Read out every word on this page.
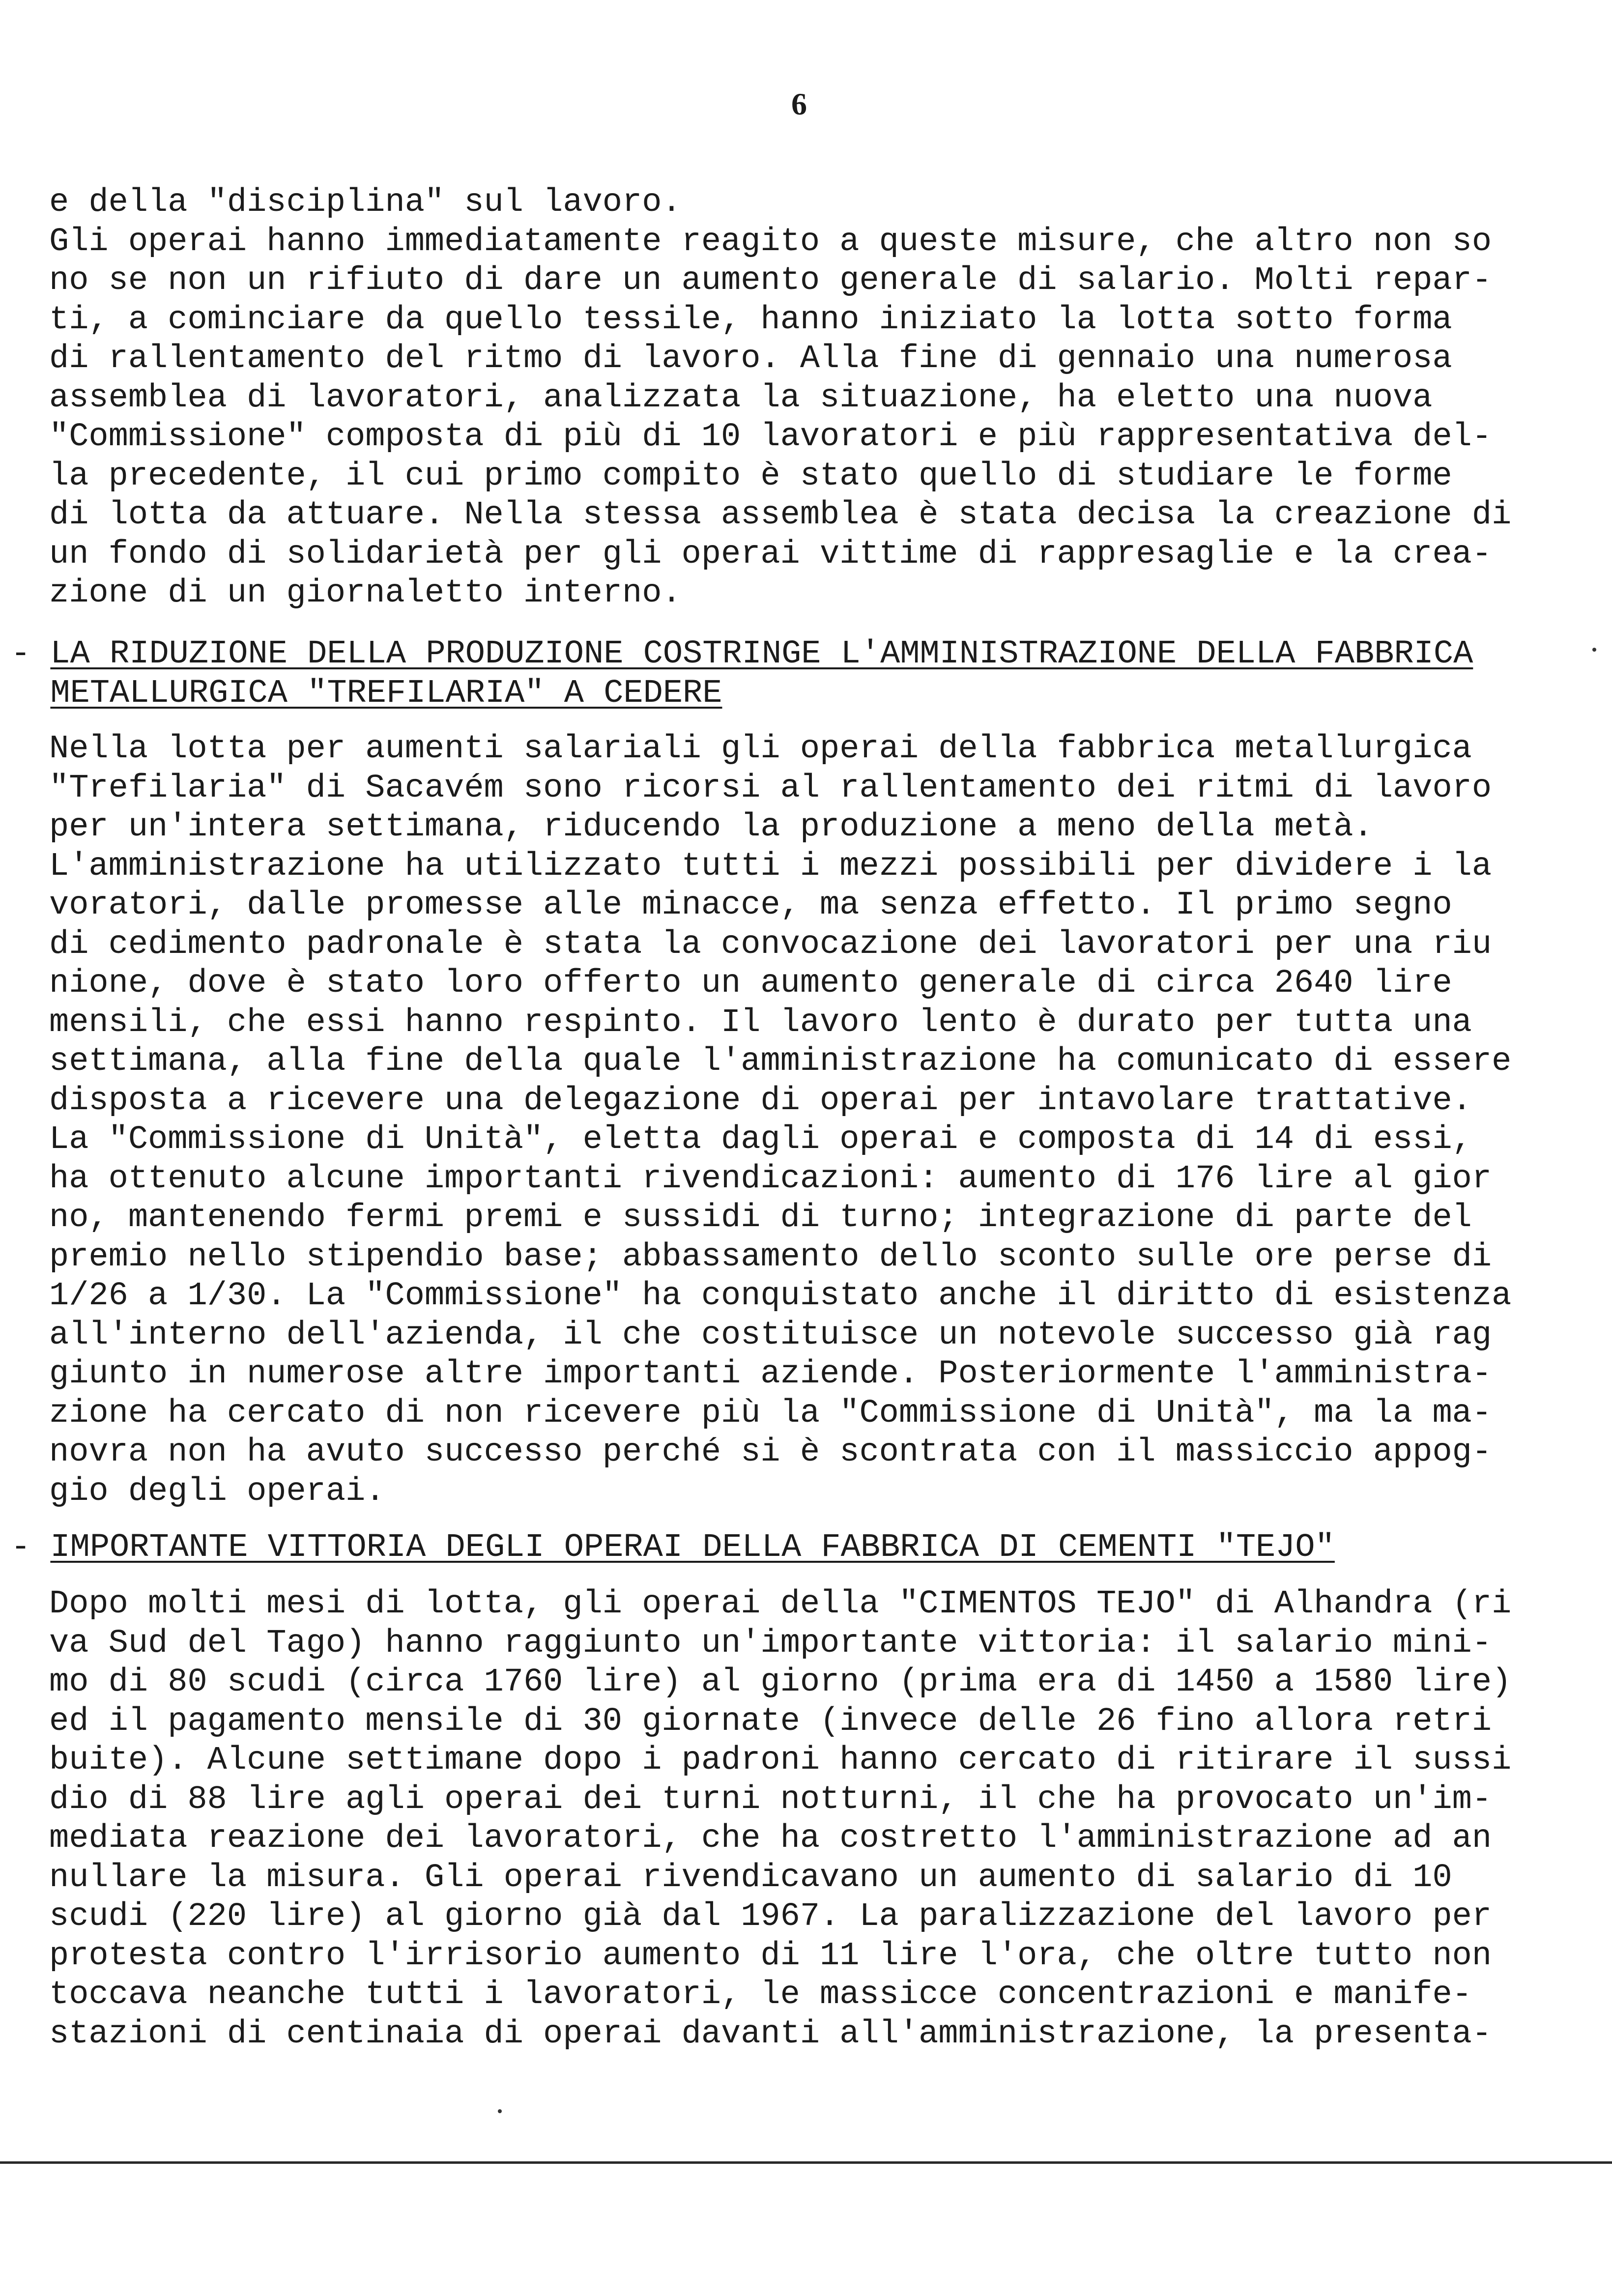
6
e della "disciplina" sul lavoro.
Gli operai hanno immediatamente reagito a queste misure, che altro non so
no se non un rifiuto di dare un aumento generale di salario. Molti repar-
ti, a cominciare da quello tessile, hanno iniziato la lotta sotto forma
di rallentamento del ritmo di lavoro. Alla fine di gennaio una numerosa
assemblea di lavoratori, analizzata la situazione, ha eletto una nuova
"Commissione" composta di più di 10 lavoratori e più rappresentativa del-
la precedente, il cui primo compito è stato quello di studiare le forme
di lotta da attuare. Nella stessa assemblea è stata decisa la creazione di
un fondo di solidarietà per gli operai vittime di rappresaglie e la crea-
zione di un giornaletto interno.
- LA RIDUZIONE DELLA PRODUZIONE COSTRINGE L'AMMINISTRAZIONE DELLA FABBRICA
METALLURGICA "TREFILARIA" A CEDERE
Nella lotta per aumenti salariali gli operai della fabbrica metallurgica
"Trefilaria" di Sacavém sono ricorsi al rallentamento dei ritmi di lavoro
per un'intera settimana, riducendo la produzione a meno della metà.
L'amministrazione ha utilizzato tutti i mezzi possibili per dividere i la
voratori, dalle promesse alle minacce, ma senza effetto. Il primo segno
di cedimento padronale è stata la convocazione dei lavoratori per una riu
nione, dove è stato loro offerto un aumento generale di circa 2640 lire
mensili, che essi hanno respinto. Il lavoro lento è durato per tutta una
settimana, alla fine della quale l'amministrazione ha comunicato di essere
disposta a ricevere una delegazione di operai per intavolare trattative.
La "Commissione di Unità", eletta dagli operai e composta di 14 di essi,
ha ottenuto alcune importanti rivendicazioni: aumento di 176 lire al gior
no, mantenendo fermi premi e sussidi di turno; integrazione di parte del
premio nello stipendio base; abbassamento dello sconto sulle ore perse di
1/26 a 1/30. La "Commissione" ha conquistato anche il diritto di esistenza
all'interno dell'azienda, il che costituisce un notevole successo già rag
giunto in numerose altre importanti aziende. Posteriormente l'amministra-
zione ha cercato di non ricevere più la "Commissione di Unità", ma la ma-
novra non ha avuto successo perché si è scontrata con il massiccio appog-
gio degli operai.
- IMPORTANTE VITTORIA DEGLI OPERAI DELLA FABBRICA DI CEMENTI "TEJO"
Dopo molti mesi di lotta, gli operai della "CIMENTOS TEJO" di Alhandra (ri
va Sud del Tago) hanno raggiunto un'importante vittoria: il salario mini-
mo di 80 scudi (circa 1760 lire) al giorno (prima era di 1450 a 1580 lire)
ed il pagamento mensile di 30 giornate (invece delle 26 fino allora retri
buite). Alcune settimane dopo i padroni hanno cercato di ritirare il sussi
dio di 88 lire agli operai dei turni notturni, il che ha provocato un'im-
mediata reazione dei lavoratori, che ha costretto l'amministrazione ad an
nullare la misura. Gli operai rivendicavano un aumento di salario di 10
scudi (220 lire) al giorno già dal 1967. La paralizzazione del lavoro per
protesta contro l'irrisorio aumento di 11 lire l'ora, che oltre tutto non
toccava neanche tutti i lavoratori, le massicce concentrazioni e manife-
stazioni di centinaia di operai davanti all'amministrazione, la presenta-
